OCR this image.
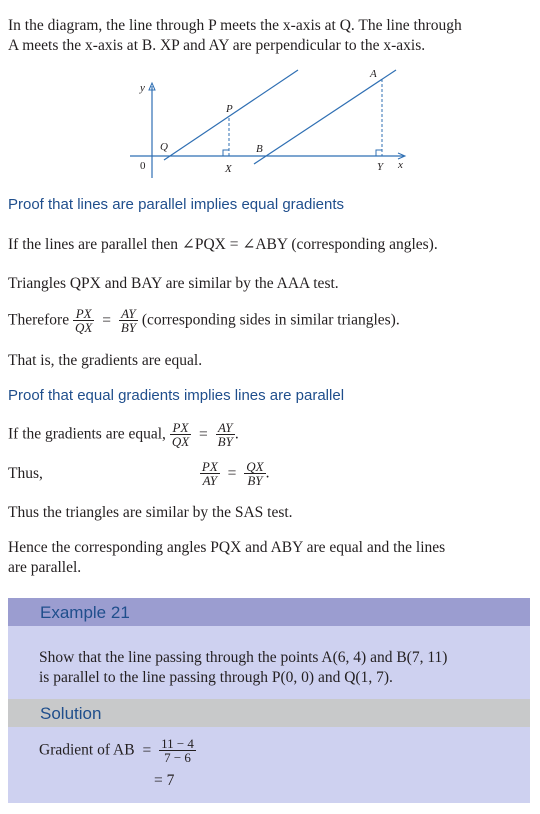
In the diagram, the line through P meets the x-axis at Q. The line through
A meets the x-axis at B. XP and AY are perpendicular to the x-axis.
y
0
Q
P
X
B
A
Y x
Proof that lines are parallel implies equal gradients
If the lines are parallel then ∠PQX = ∠ABY (corresponding angles).
Triangles QPX and BAY are similar by the AAA test.
Therefore $\frac{PX}{QX} = \frac{AY}{BY}$ (corresponding sides in similar triangles).
That is, the gradients are equal.
Proof that equal gradients implies lines are parallel
If the gradients are equal, $\frac{PX}{QX} = \frac{AY}{BY}$ .
Thus,	$\frac{PX}{AY} = \frac{QX}{BY}$ .
Thus the triangles are similar by the SAS test.
Hence the corresponding angles PQX and ABY are equal and the lines
are parallel.
Example 21
Show that the line passing through the points A(6, 4) and B(7, 11)
is parallel to the line passing through P(0, 0) and Q(1, 7).
Solution
Gradient of AB = $\frac{11 - 4}{7 - 6}$
= 7
